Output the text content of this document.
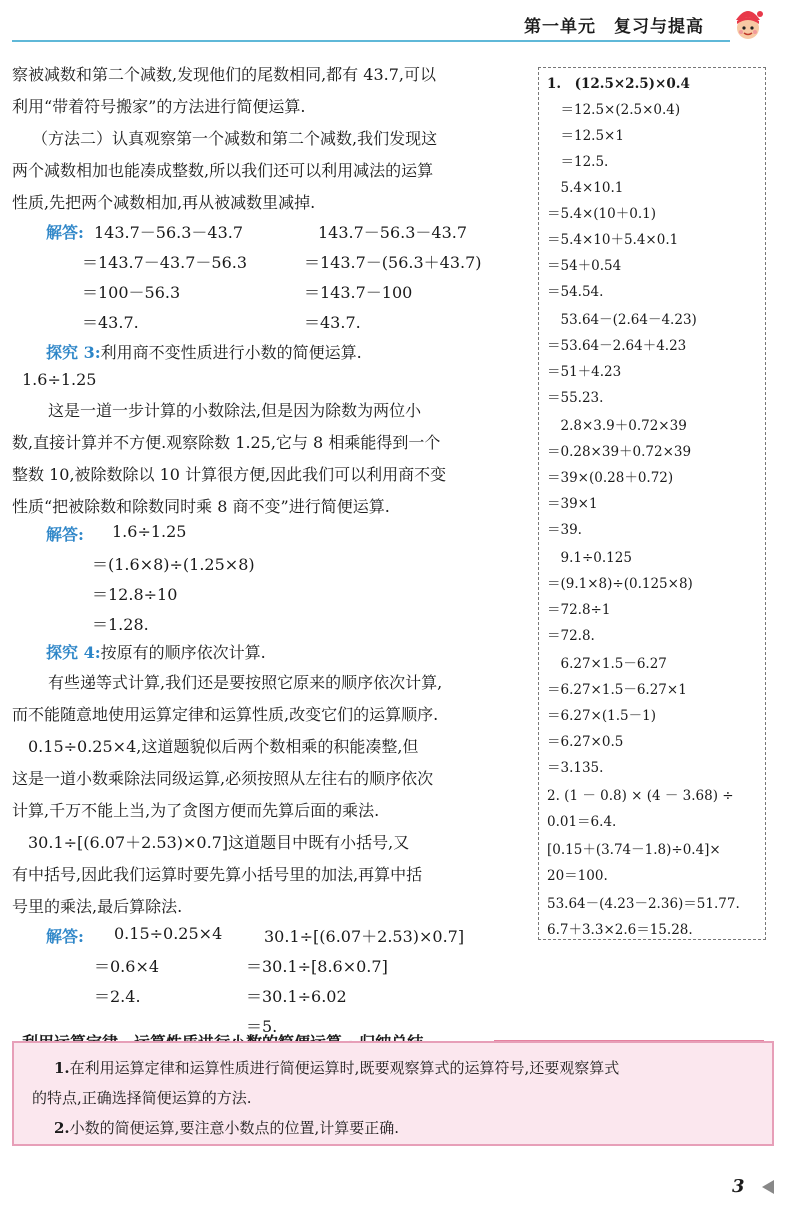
第一单元　复习与提高
察被减数和第二个减数,发现他们的尾数相同,都有 43.7,可以
利用“带着符号搬家”的方法进行简便运算.
（方法二）认真观察第一个减数和第二个减数,我们发现这
两个减数相加也能凑成整数,所以我们还可以利用减法的运算
性质,先把两个减数相加,再从被减数里减掉.
解答: 143.7－56.3－43.7
＝143.7－43.7－56.3
＝100－56.3
＝43.7.
143.7－56.3－43.7
＝143.7－(56.3＋43.7)
＝143.7－100
＝43.7.
探究 3:利用商不变性质进行小数的简便运算.
1.6÷1.25
这是一道一步计算的小数除法,但是因为除数为两位小
数,直接计算并不方便.观察除数 1.25,它与 8 相乘能得到一个
整数 10,被除数除以 10 计算很方便,因此我们可以利用商不变
性质“把被除数和除数同时乘 8 商不变”进行简便运算.
解答: 1.6÷1.25
＝(1.6×8)÷(1.25×8)
＝12.8÷10
＝1.28.
探究 4:按原有的顺序依次计算.
有些递等式计算,我们还是要按照它原来的顺序依次计算,
而不能随意地使用运算定律和运算性质,改变它们的运算顺序.
0.15÷0.25×4,这道题貌似后两个数相乘的积能凑整,但
这是一道小数乘除法同级运算,必须按照从左往右的顺序依次
计算,千万不能上当,为了贪图方便而先算后面的乘法.
30.1÷[(6.07＋2.53)×0.7]这道题目中既有小括号,又
有中括号,因此我们运算时要先算小括号里的加法,再算中括
号里的乘法,最后算除法.
解答: 0.15÷0.25×4
＝0.6×4
＝2.4.
30.1÷[(6.07＋2.53)×0.7]
＝30.1÷[8.6×0.7]
＝30.1÷6.02
＝5.
1.　(12.5×2.5)×0.4
　＝12.5×(2.5×0.4)
　＝12.5×1
　＝12.5.
　5.4×10.1
＝5.4×(10＋0.1)
＝5.4×10＋5.4×0.1
＝54＋0.54
＝54.54.
　53.64－(2.64－4.23)
＝53.64－2.64＋4.23
＝51＋4.23
＝55.23.
　2.8×3.9＋0.72×39
＝0.28×39＋0.72×39
＝39×(0.28＋0.72)
＝39×1
＝39.
　9.1÷0.125
＝(9.1×8)÷(0.125×8)
＝72.8÷1
＝72.8.
　6.27×1.5－6.27
＝6.27×1.5－6.27×1
＝6.27×(1.5－1)
＝6.27×0.5
＝3.135.
2. (1 － 0.8) × (4 － 3.68) ÷
0.01＝6.4.
[0.15＋(3.74－1.8)÷0.4]×
20＝100.
53.64－(4.23－2.36)＝51.77.
6.7＋3.3×2.6＝15.28.
1.在利用运算定律和运算性质进行简便运算时,既要观察算式的运算符号,还要观察算式
的特点,正确选择简便运算的方法.
2.小数的简便运算,要注意小数点的位置,计算要正确.
3
